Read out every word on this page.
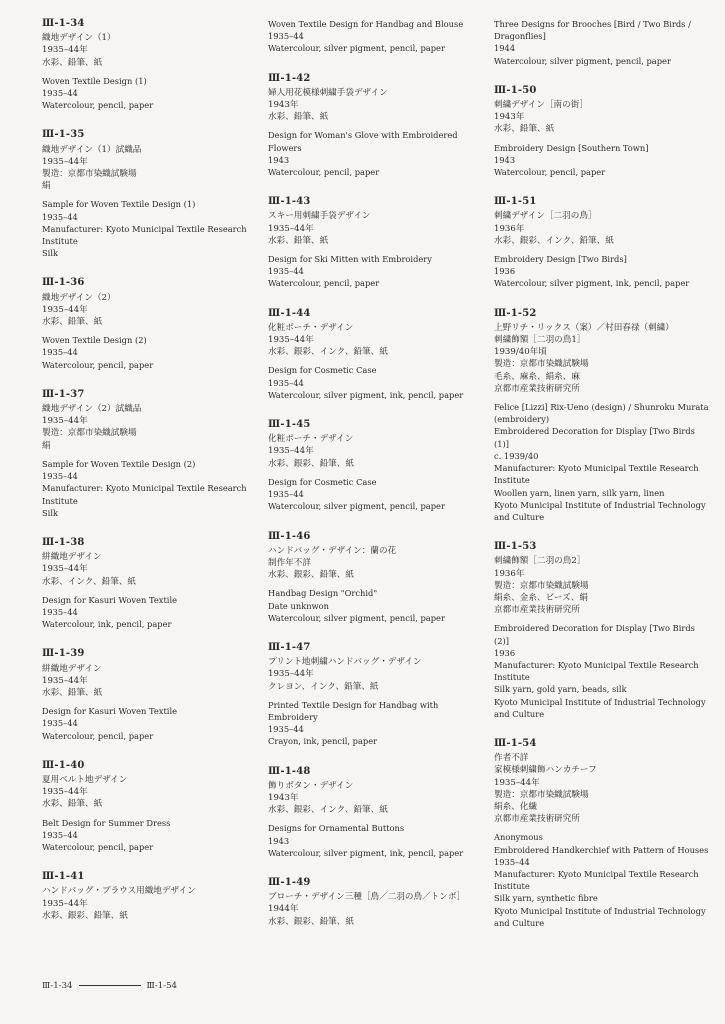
Ⅲ-1-34

織地デザイン（1）

1935–44年

水彩、鉛筆、紙

Woven Textile Design (1)

1935–44

Watercolour, pencil, paper

Ⅲ-1-35

織地デザイン（1）試織品

1935–44年

製造：京都市染織試験場

絹

Sample for Woven Textile Design (1)

1935–44

Manufacturer: Kyoto Municipal Textile Research Institute

Silk

Ⅲ-1-36

織地デザイン（2）

1935–44年

水彩、鉛筆、紙

Woven Textile Design (2)

1935–44

Watercolour, pencil, paper

Ⅲ-1-37

織地デザイン（2）試織品

1935–44年

製造：京都市染織試験場

絹

Sample for Woven Textile Design (2)

1935–44

Manufacturer: Kyoto Municipal Textile Research Institute

Silk

Ⅲ-1-38

絣織地デザイン

1935–44年

水彩、インク、鉛筆、紙

Design for Kasuri Woven Textile

1935–44

Watercolour, ink, pencil, paper

Ⅲ-1-39

絣織地デザイン

1935–44年

水彩、鉛筆、紙

Design for Kasuri Woven Textile

1935–44

Watercolour, pencil, paper

Ⅲ-1-40

夏用ベルト地デザイン

1935–44年

水彩、鉛筆、紙

Belt Design for Summer Dress

1935–44

Watercolour, pencil, paper

Ⅲ-1-41

ハンドバッグ・ブラウス用織地デザイン

1935–44年

水彩、銀彩、鉛筆、紙

Woven Textile Design for Handbag and Blouse

1935–44

Watercolour, silver pigment, pencil, paper

Ⅲ-1-42

婦人用花模様刺繍手袋デザイン

1943年

水彩、鉛筆、紙

Design for Woman's Glove with Embroidered Flowers

1943

Watercolour, pencil, paper

Ⅲ-1-43

スキー用刺繍手袋デザイン

1935–44年

水彩、鉛筆、紙

Design for Ski Mitten with Embroidery

1935–44

Watercolour, pencil, paper

Ⅲ-1-44

化粧ポーチ・デザイン

1935–44年

水彩、銀彩、インク、鉛筆、紙

Design for Cosmetic Case

1935–44

Watercolour, silver pigment, ink, pencil, paper

Ⅲ-1-45

化粧ポーチ・デザイン

1935–44年

水彩、銀彩、鉛筆、紙

Design for Cosmetic Case

1935–44

Watercolour, silver pigment, pencil, paper

Ⅲ-1-46

ハンドバッグ・デザイン：蘭の花

制作年不詳

水彩、銀彩、鉛筆、紙

Handbag Design "Orchid"

Date unknwon

Watercolour, silver pigment, pencil, paper

Ⅲ-1-47

プリント地刺繍ハンドバッグ・デザイン

1935–44年

クレヨン、インク、鉛筆、紙

Printed Textile Design for Handbag with Embroidery

1935–44

Crayon, ink, pencil, paper

Ⅲ-1-48

飾りボタン・デザイン

1943年

水彩、銀彩、インク、鉛筆、紙

Designs for Ornamental Buttons

1943

Watercolour, silver pigment, ink, pencil, paper

Ⅲ-1-49

ブローチ・デザイン三種［鳥／二羽の鳥／トンボ］

1944年

水彩、銀彩、鉛筆、紙

Three Designs for Brooches [Bird / Two Birds / Dragonflies]

1944

Watercolour, silver pigment, pencil, paper

Ⅲ-1-50

刺繍デザイン［南の街］

1943年

水彩、鉛筆、紙

Embroidery Design [Southern Town]

1943

Watercolour, pencil, paper

Ⅲ-1-51

刺繍デザイン［二羽の鳥］

1936年

水彩、銀彩、インク、鉛筆、紙

Embroidery Design [Two Birds]

1936

Watercolour, silver pigment, ink, pencil, paper

Ⅲ-1-52

上野リチ・リックス（案）／村田春禄（刺繍）

刺繍飾額［二羽の鳥1］

1939/40年頃

製造：京都市染織試験場

毛糸、麻糸、絹糸、麻

京都市産業技術研究所

Felice [Lizzi] Rix-Ueno (design) / Shunroku Murata (embroidery)

Embroidered Decoration for Display [Two Birds (1)]

c. 1939/40

Manufacturer: Kyoto Municipal Textile Research Institute

Woollen yarn, linen yarn, silk yarn, linen

Kyoto Municipal Institute of Industrial Technology and Culture

Ⅲ-1-53

刺繍飾額［二羽の鳥2］

1936年

製造：京都市染織試験場

絹糸、金糸、ビーズ、絹

京都市産業技術研究所

Embroidered Decoration for Display [Two Birds (2)]

1936

Manufacturer: Kyoto Municipal Textile Research Institute

Silk yarn, gold yarn, beads, silk

Kyoto Municipal Institute of Industrial Technology and Culture

Ⅲ-1-54

作者不詳

家模様刺繍飾ハンカチーフ

1935–44年

製造：京都市染織試験場

絹糸、化繊

京都市産業技術研究所

Anonymous

Embroidered Handkerchief with Pattern of Houses

1935–44

Manufacturer: Kyoto Municipal Textile Research Institute

Silk yarn, synthetic fibre

Kyoto Municipal Institute of Industrial Technology and Culture

Ⅲ-1-34	Ⅲ-1-54
